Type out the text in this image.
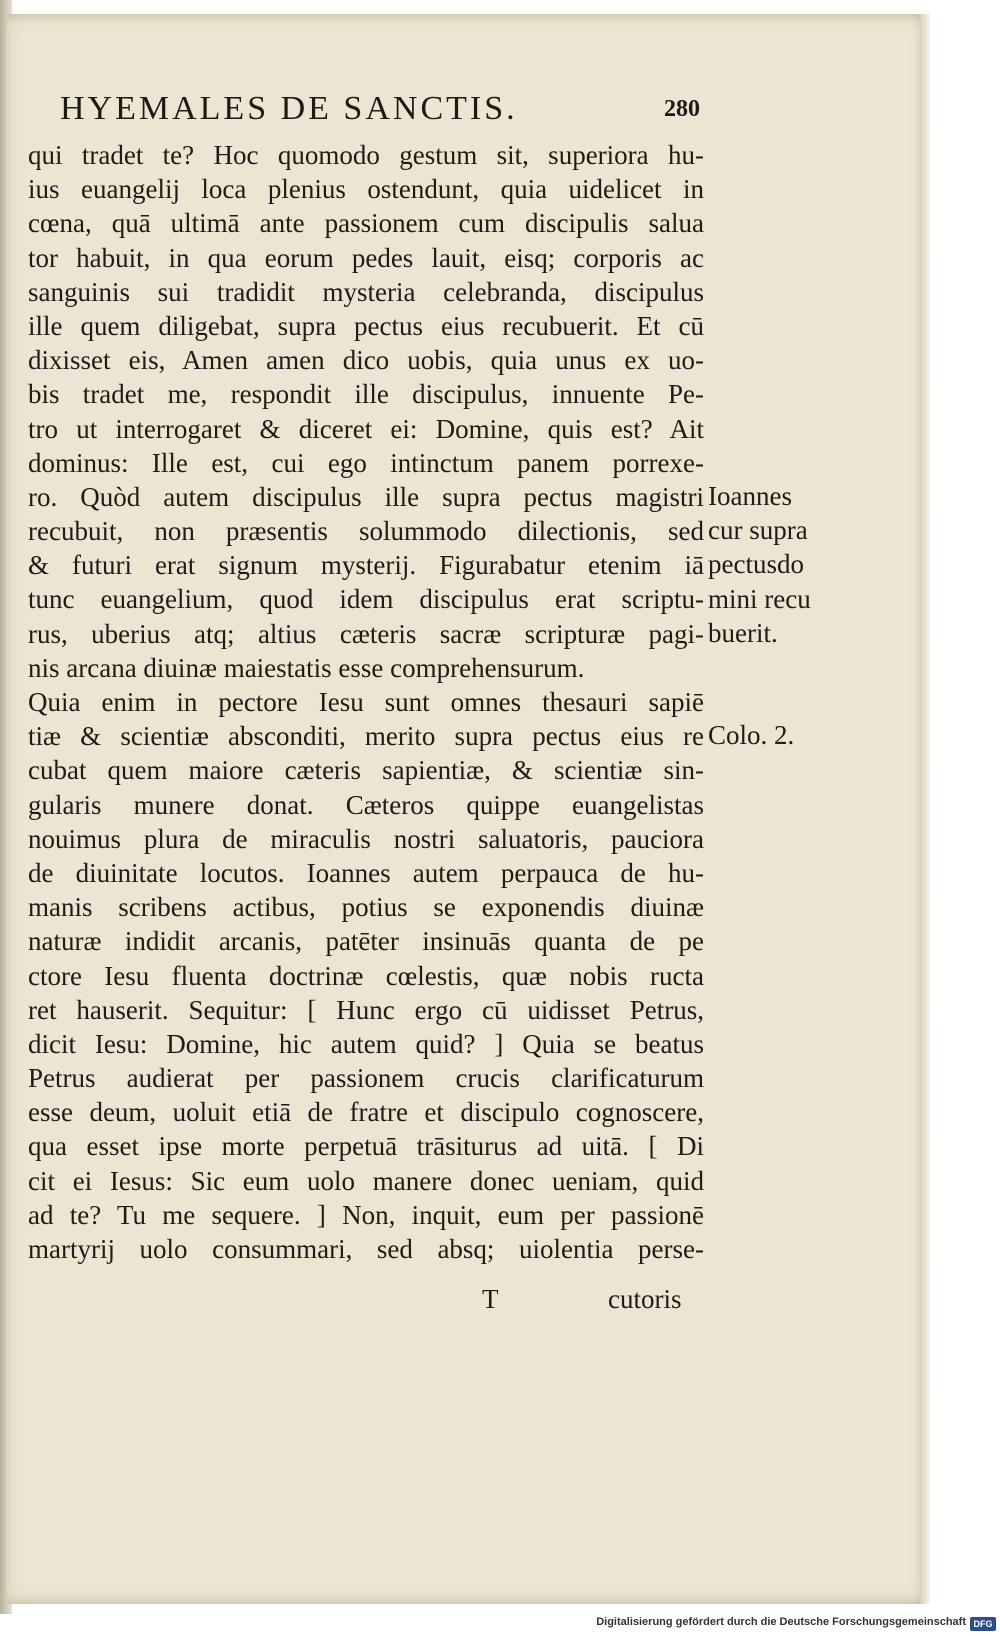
HYEMALES DE SANCTIS.	280
qui tradet te? Hoc quomodo gestum sit, superiora hu-
ius euangelij loca plenius ostendunt, quia uidelicet in
cœna, quā ultimā ante passionem cum discipulis salua
tor habuit, in qua eorum pedes lauit, eisq; corporis ac
sanguinis sui tradidit mysteria celebranda, discipulus
ille quem diligebat, supra pectus eius recubuerit. Et cū
dixisset eis, Amen amen dico uobis, quia unus ex uo-
bis tradet me, respondit ille discipulus, innuente Pe-
tro ut interrogaret & diceret ei: Domine, quis est? Ait
dominus: Ille est, cui ego intinctum panem porrexe-
ro. Quòd autem discipulus ille supra pectus magistri
recubuit, non præsentis solummodo dilectionis, sed
& futuri erat signum mysterij. Figurabatur etenim iā
tunc euangelium, quod idem discipulus erat scriptu-
rus, uberius atq; altius cæteris sacræ scripturæ pagi-
nis arcana diuinæ maiestatis esse comprehensurum.
Quia enim in pectore Iesu sunt omnes thesauri sapiē
tiæ & scientiæ absconditi, merito supra pectus eius re
cubat quem maiore cæteris sapientiæ, & scientiæ sin-
gularis munere donat. Cæteros quippe euangelistas
nouimus plura de miraculis nostri saluatoris, pauciora
de diuinitate locutos. Ioannes autem perpauca de hu-
manis scribens actibus, potius se exponendis diuinæ
naturæ indidit arcanis, patēter insinuās quanta de pe
ctore Iesu fluenta doctrinæ cœlestis, quæ nobis ructa
ret hauserit. Sequitur: [ Hunc ergo cū uidisset Petrus,
dicit Iesu: Domine, hic autem quid? ] Quia se beatus
Petrus audierat per passionem crucis clarificaturum
esse deum, uoluit etiā de fratre et discipulo cognoscere,
qua esset ipse morte perpetuā trāsiturus ad uitā. [ Di
cit ei Iesus: Sic eum uolo manere donec ueniam, quid
ad te? Tu me sequere. ] Non, inquit, eum per passionē
martyrij uolo consummari, sed absq; uiolentia perse-
Ioannes
cur supra
pectusdo
mini recu
buerit.
Colo. 2.
T	cutoris
Digitalisierung gefördert durch die Deutsche Forschungsgemeinschaft DFG
